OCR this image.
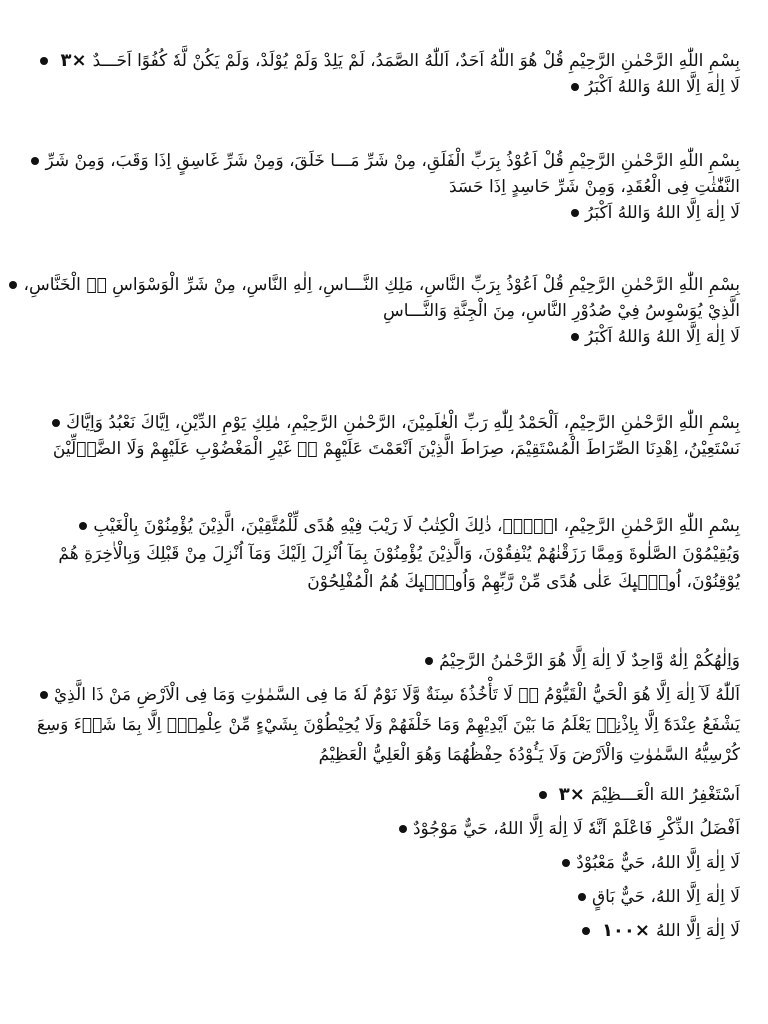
بِسْمِ اللّٰهِ الرَّحْمٰنِ الرَّحِيْمِ قُلْ هُوَ اللّٰهُ اَحَدٌ، اَللّٰهُ الصَّمَدُ، لَمْ يَلِدْ وَلَمْ يُوْلَدْ، وَلَمْ يَكُنْ لَّهٗ كُفُوًا اَحَـــدٌ
٣×
لَا اِلٰهَ اِلَّا اللهُ وَاللهُ اَكْبَرُ
بِسْمِ اللّٰهِ الرَّحْمٰنِ الرَّحِيْمِ قُلْ اَعُوْذُ بِرَبِّ الْفَلَقِ، مِنْ شَرِّ مَـــا خَلَقَ، وَمِنْ شَرِّ غَاسِقٍ اِذَا وَقَبَ، وَمِنْ شَرِّ
النَّفّٰثٰتِ فِى الْعُقَدِ، وَمِنْ شَرِّ حَاسِدٍ اِذَا حَسَدَ
لَا اِلٰهَ اِلَّا اللهُ وَاللهُ اَكْبَرُ
بِسْمِ اللّٰهِ الرَّحْمٰنِ الرَّحِيْمِ قُلْ اَعُوْذُ بِرَبِّ النَّاسِ، مَلِكِ النَّـــاسِ، اِلٰهِ النَّاسِ، مِنْ شَرِّ الْوَسْوَاسِ ەۙ الْخَنَّاسِ،
الَّذِيْ يُوَسْوِسُ فِيْ صُدُوْرِ النَّاسِ، مِنَ الْجِنَّةِ وَالنَّـــاسِ
لَا اِلٰهَ اِلَّا اللهُ وَاللهُ اَكْبَرُ
بِسْمِ اللّٰهِ الرَّحْمٰنِ الرَّحِيْمِ، اَلْحَمْدُ لِلّٰهِ رَبِّ الْعٰلَمِيْنَ، الرَّحْمٰنِ الرَّحِيْمِ، مٰلِكِ يَوْمِ الدِّيْنِ، اِيَّاكَ نَعْبُدُ وَاِيَّاكَ
نَسْتَعِيْنُ، اِهْدِنَا الصِّرَاطَ الْمُسْتَقِيْمَ، صِرَاطَ الَّذِيْنَ اَنْعَمْتَ عَلَيْهِمْ ەۙ غَيْرِ الْمَغْضُوْبِ عَلَيْهِمْ وَلَا الضَّاۤلِّيْنَ
بِسْمِ اللّٰهِ الرَّحْمٰنِ الرَّحِيْمِ، الۤمّۤ، ذٰلِكَ الْكِتٰبُ لَا رَيْبَ فِيْهِ هُدًى لِّلْمُتَّقِيْنَ، الَّذِيْنَ يُؤْمِنُوْنَ بِالْغَيْبِ
وَيُقِيْمُوْنَ الصَّلٰوةَ وَمِمَّا رَزَقْنٰهُمْ يُنْفِقُوْنَ، وَالَّذِيْنَ يُؤْمِنُوْنَ بِمَآ اُنْزِلَ اِلَيْكَ وَمَآ اُنْزِلَ مِنْ قَبْلِكَ وَبِالْاٰخِرَةِ هُمْ
يُوْقِنُوْنَ، اُولٰۤىِٕكَ عَلٰى هُدًى مِّنْ رَّبِّهِمْ وَاُولٰۤىِٕكَ هُمُ الْمُفْلِحُوْنَ
وَاِلٰهُكُمْ اِلٰهٌ وَّاحِدٌ لَا اِلٰهَ اِلَّا هُوَ الرَّحْمٰنُ الرَّحِيْمُ
اَللّٰهُ لَآ اِلٰهَ اِلَّا هُوَ الْحَيُّ الْقَيُّوْمُ ەۚ لَا تَأْخُذُهٗ سِنَةٌ وَّلَا نَوْمٌ لَهٗ مَا فِى السَّمٰوٰتِ وَمَا فِى الْاَرْضِ مَنْ ذَا الَّذِيْ
يَشْفَعُ عِنْدَهٗٓ اِلَّا بِاِذْنِهٖ يَعْلَمُ مَا بَيْنَ اَيْدِيْهِمْ وَمَا خَلْفَهُمْ وَلَا يُحِيْطُوْنَ بِشَيْءٍ مِّنْ عِلْمِهٖٓ اِلَّا بِمَا شَاۤءَ وَسِعَ
كُرْسِيُّهُ السَّمٰوٰتِ وَالْاَرْضَ وَلَا يَـُٔوْدُهٗ حِفْظُهُمَا وَهُوَ الْعَلِيُّ الْعَظِيْمُ
اَسْتَغْفِرُ اللهَ الْعَـــظِيْمَ
٣×
اَفْضَلُ الذِّكْرِ فَاعْلَمْ اَنَّهٗ لَا اِلٰهَ اِلَّا اللهُ، حَيٌّ مَوْجُوْدٌ
لَا اِلٰهَ اِلَّا اللهُ، حَيٌّ مَعْبُوْدٌ
لَا اِلٰهَ اِلَّا اللهُ، حَيٌّ بَاقٍ
لَا اِلٰهَ اِلَّا اللهُ
١٠٠×
